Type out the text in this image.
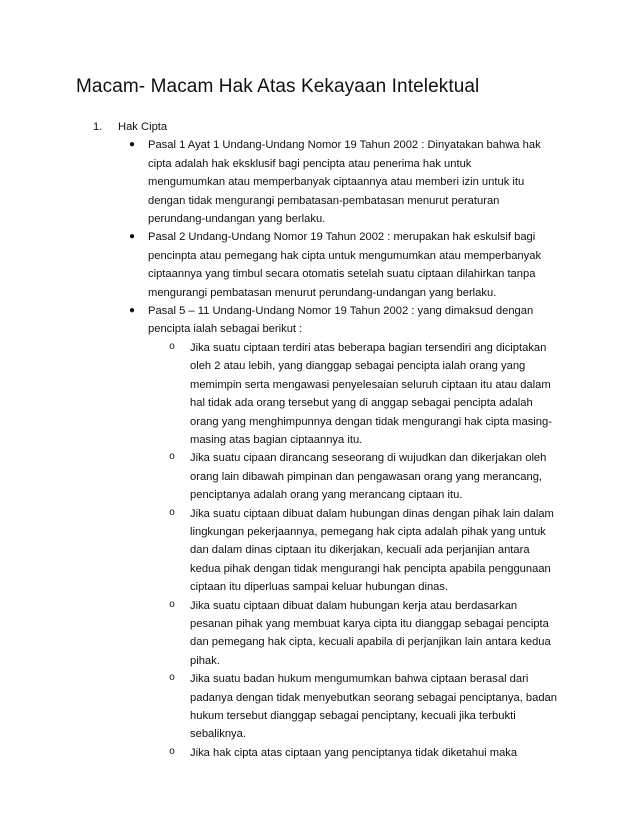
Macam- Macam Hak Atas Kekayaan Intelektual
1. Hak Cipta
● Pasal 1 Ayat 1 Undang-Undang Nomor 19 Tahun 2002 : Dinyatakan bahwa hak
cipta adalah hak eksklusif bagi pencipta atau penerima hak untuk
mengumumkan atau memperbanyak ciptaannya atau memberi izin untuk itu
dengan tidak mengurangi pembatasan-pembatasan menurut peraturan
perundang-undangan yang berlaku.
● Pasal 2 Undang-Undang Nomor 19 Tahun 2002 : merupakan hak eskulsif bagi
pencinpta atau pemegang hak cipta untuk mengumumkan atau memperbanyak
ciptaannya yang timbul secara otomatis setelah suatu ciptaan dilahirkan tanpa
mengurangi pembatasan menurut perundang-undangan yang berlaku.
● Pasal 5 – 11 Undang-Undang Nomor 19 Tahun 2002 : yang dimaksud dengan
pencipta ialah sebagai berikut :
o Jika suatu ciptaan terdiri atas beberapa bagian tersendiri ang diciptakan
oleh 2 atau lebih, yang dianggap sebagai pencipta ialah orang yang
memimpin serta mengawasi penyelesaian seluruh ciptaan itu atau dalam
hal tidak ada orang tersebut yang di anggap sebagai pencipta adalah
orang yang menghimpunnya dengan tidak mengurangi hak cipta masing-
masing atas bagian ciptaannya itu.
o Jika suatu cipaan dirancang seseorang di wujudkan dan dikerjakan oleh
orang lain dibawah pimpinan dan pengawasan orang yang merancang,
penciptanya adalah orang yang merancang ciptaan itu.
o Jika suatu ciptaan dibuat dalam hubungan dinas dengan pihak lain dalam
lingkungan pekerjaannya, pemegang hak cipta adalah pihak yang untuk
dan dalam dinas ciptaan itu dikerjakan, kecuali ada perjanjian antara
kedua pihak dengan tidak mengurangi hak pencipta apabila penggunaan
ciptaan itu diperluas sampai keluar hubungan dinas.
o Jika suatu ciptaan dibuat dalam hubungan kerja atau berdasarkan
pesanan pihak yang membuat karya cipta itu dianggap sebagai pencipta
dan pemegang hak cipta, kecuali apabila di perjanjikan lain antara kedua
pihak.
o Jika suatu badan hukum mengumumkan bahwa ciptaan berasal dari
padanya dengan tidak menyebutkan seorang sebagai penciptanya, badan
hukum tersebut dianggap sebagai penciptany, kecuali jika terbukti
sebaliknya.
o Jika hak cipta atas ciptaan yang penciptanya tidak diketahui maka
